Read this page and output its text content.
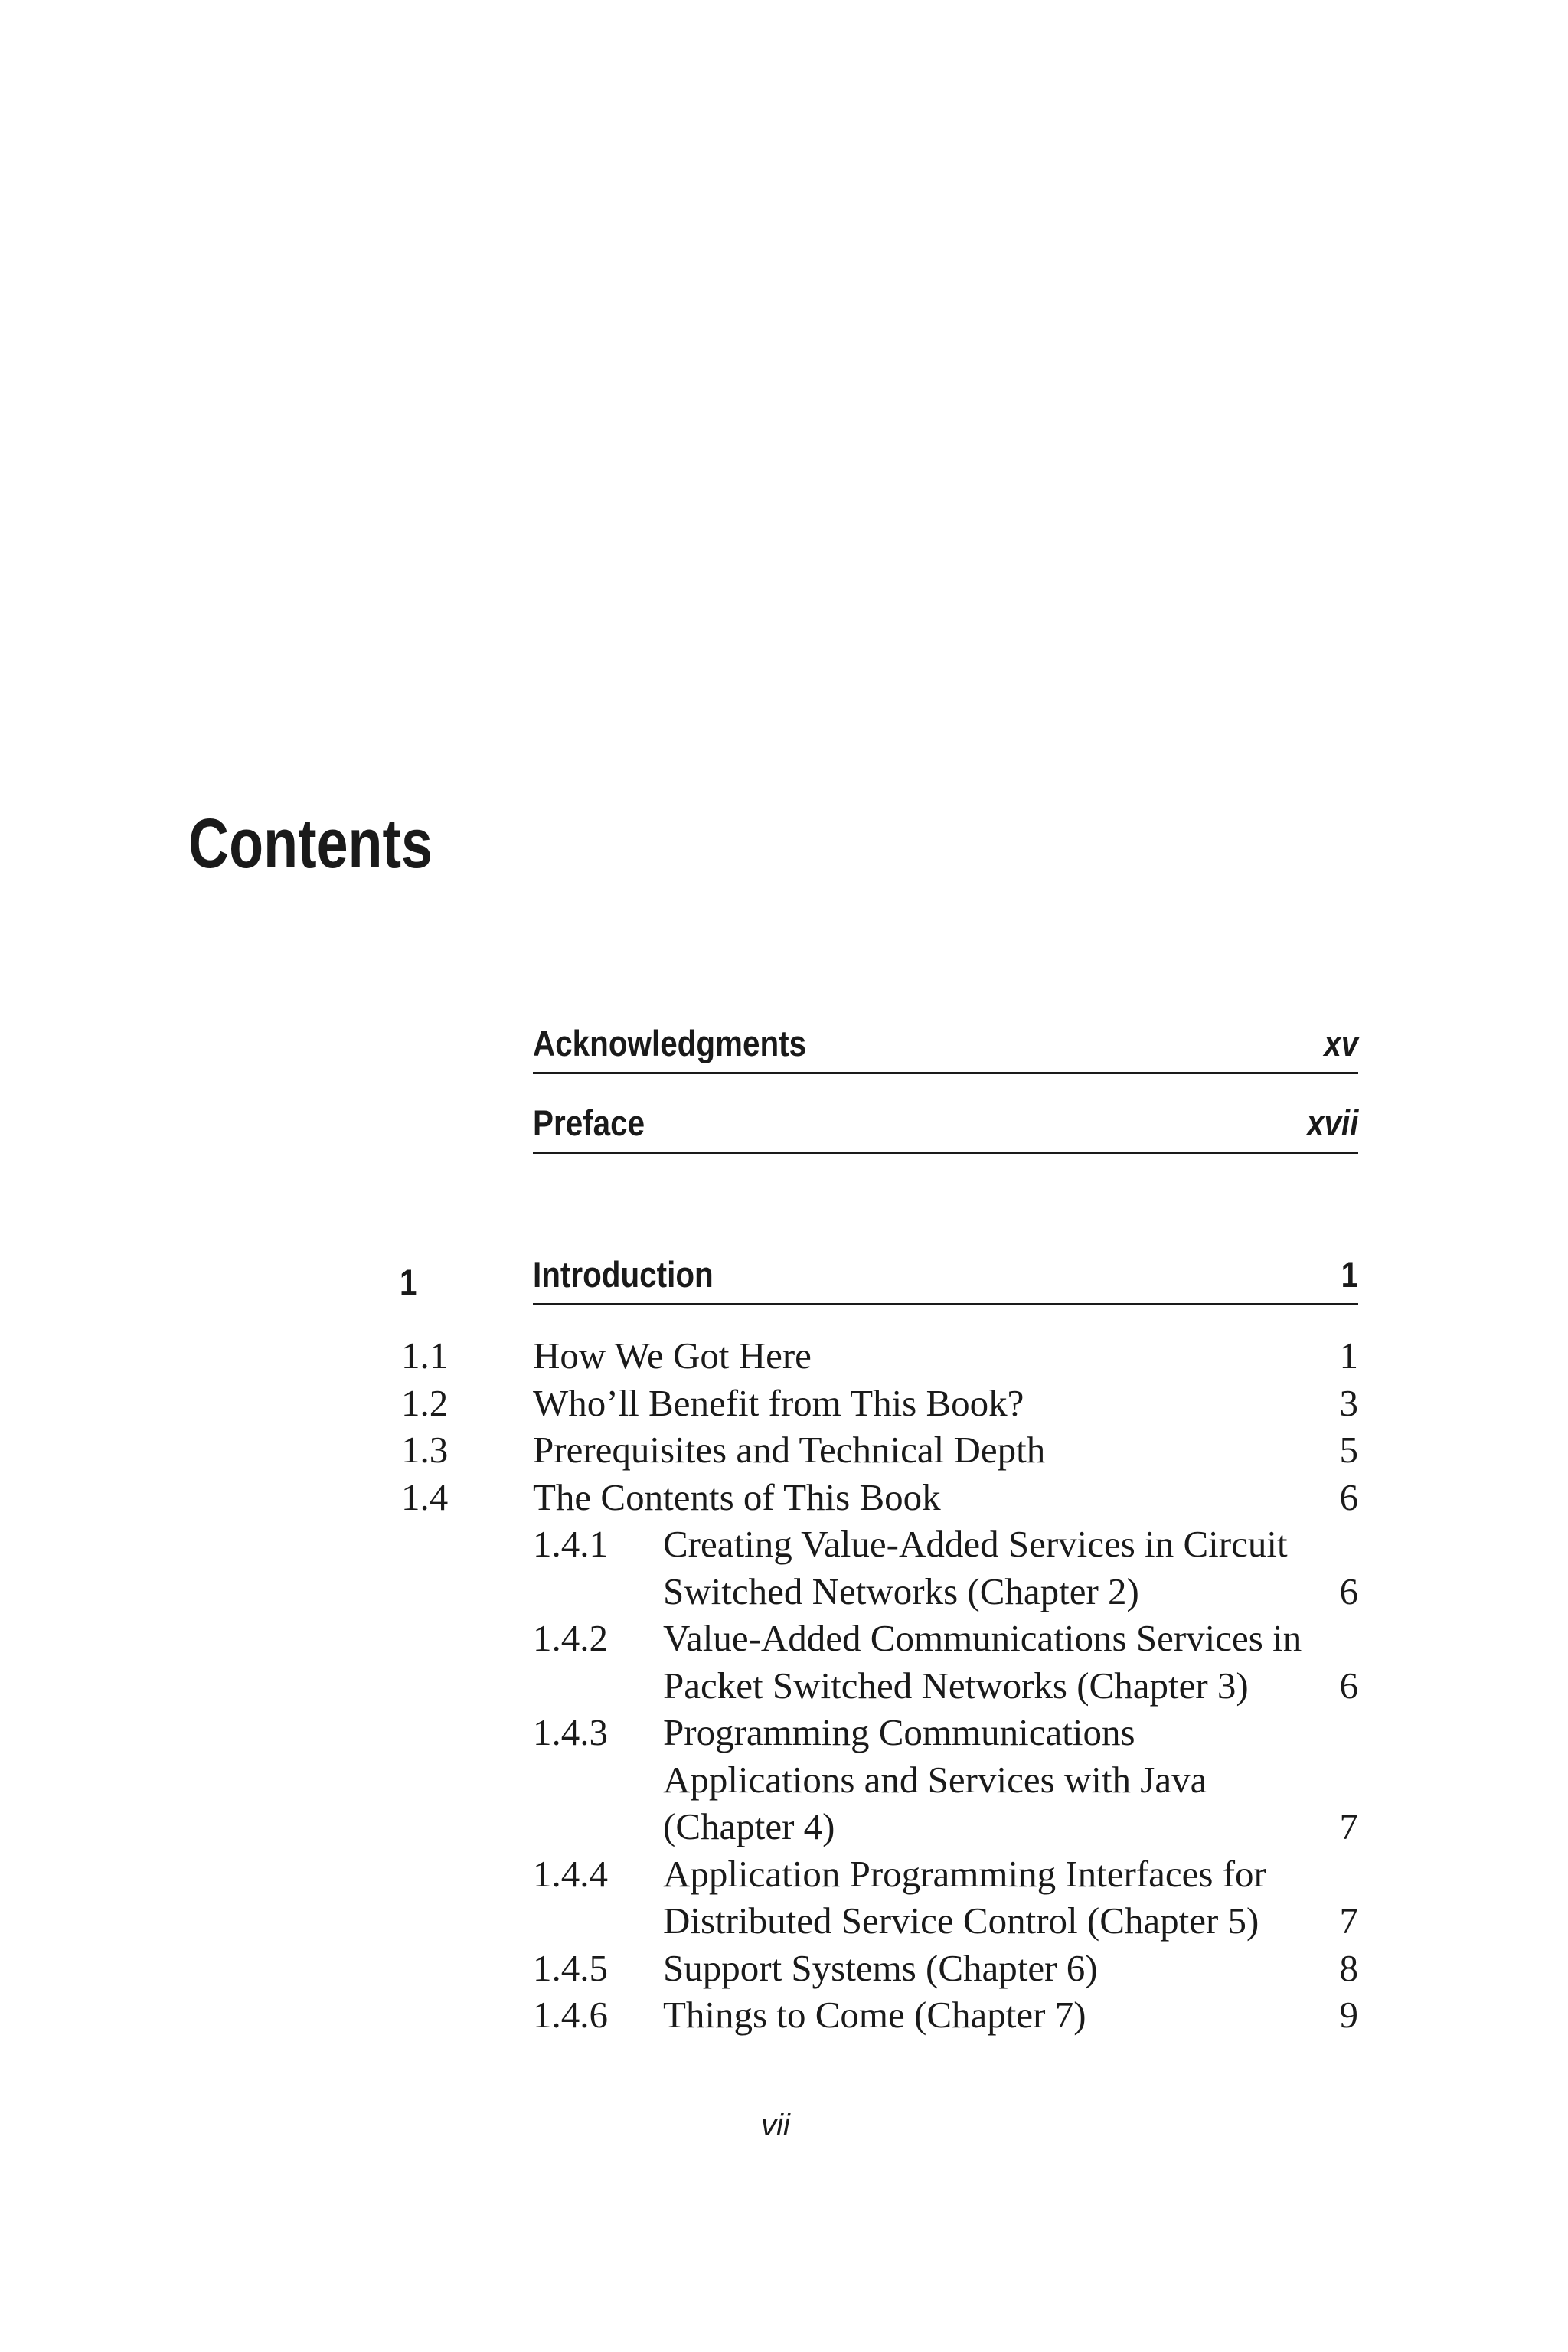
Contents
Acknowledgments	xv
Preface	xvii
1	Introduction	1
1.1 How We Got Here	1
1.2 Who’ll Benefit from This Book?	3
1.3 Prerequisites and Technical Depth	5
1.4 The Contents of This Book	6
1.4.1 Creating Value-Added Services in Circuit
Switched Networks (Chapter 2)	6
1.4.2 Value-Added Communications Services in
Packet Switched Networks (Chapter 3) 6
1.4.3 Programming Communications
Applications and Services with Java
(Chapter 4)	7
1.4.4 Application Programming Interfaces for
Distributed Service Control (Chapter 5) 7
1.4.5 Support Systems (Chapter 6)	8
1.4.6 Things to Come (Chapter 7)	9
vii
